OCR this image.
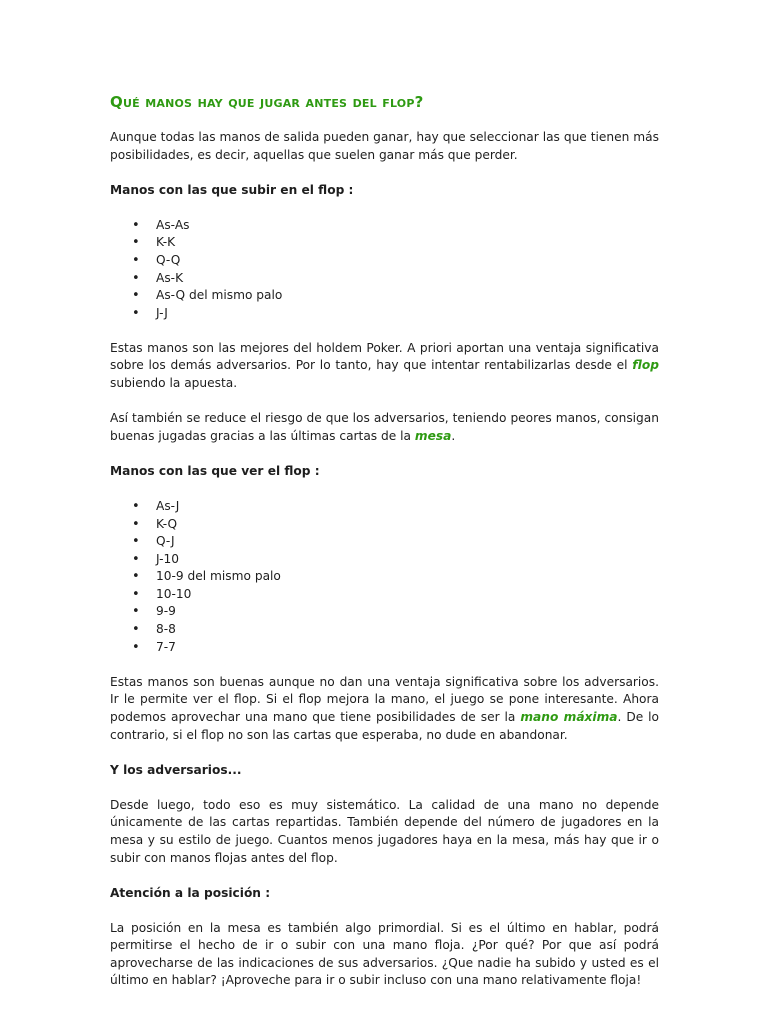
Qué manos hay que jugar antes del flop?

Aunque todas las manos de salida pueden ganar, hay que seleccionar las que tienen más posibilidades, es decir, aquellas que suelen ganar más que perder.

Manos con las que subir en el flop :

• As-As
• K-K
• Q-Q
• As-K
• As-Q del mismo palo
• J-J

Estas manos son las mejores del holdem Poker. A priori aportan una ventaja significativa sobre los demás adversarios. Por lo tanto, hay que intentar rentabilizarlas desde el flop subiendo la apuesta.

Así también se reduce el riesgo de que los adversarios, teniendo peores manos, consigan buenas jugadas gracias a las últimas cartas de la mesa.

Manos con las que ver el flop :

• As-J
• K-Q
• Q-J
• J-10
• 10-9 del mismo palo
• 10-10
• 9-9
• 8-8
• 7-7

Estas manos son buenas aunque no dan una ventaja significativa sobre los adversarios. Ir le permite ver el flop. Si el flop mejora la mano, el juego se pone interesante. Ahora podemos aprovechar una mano que tiene posibilidades de ser la mano máxima. De lo contrario, si el flop no son las cartas que esperaba, no dude en abandonar.

Y los adversarios...

Desde luego, todo eso es muy sistemático. La calidad de una mano no depende únicamente de las cartas repartidas. También depende del número de jugadores en la mesa y su estilo de juego. Cuantos menos jugadores haya en la mesa, más hay que ir o subir con manos flojas antes del flop.

Atención a la posición :

La posición en la mesa es también algo primordial. Si es el último en hablar, podrá permitirse el hecho de ir o subir con una mano floja. ¿Por qué? Por que así podrá aprovecharse de las indicaciones de sus adversarios. ¿Que nadie ha subido y usted es el último en hablar? ¡Aproveche para ir o subir incluso con una mano relativamente floja!
